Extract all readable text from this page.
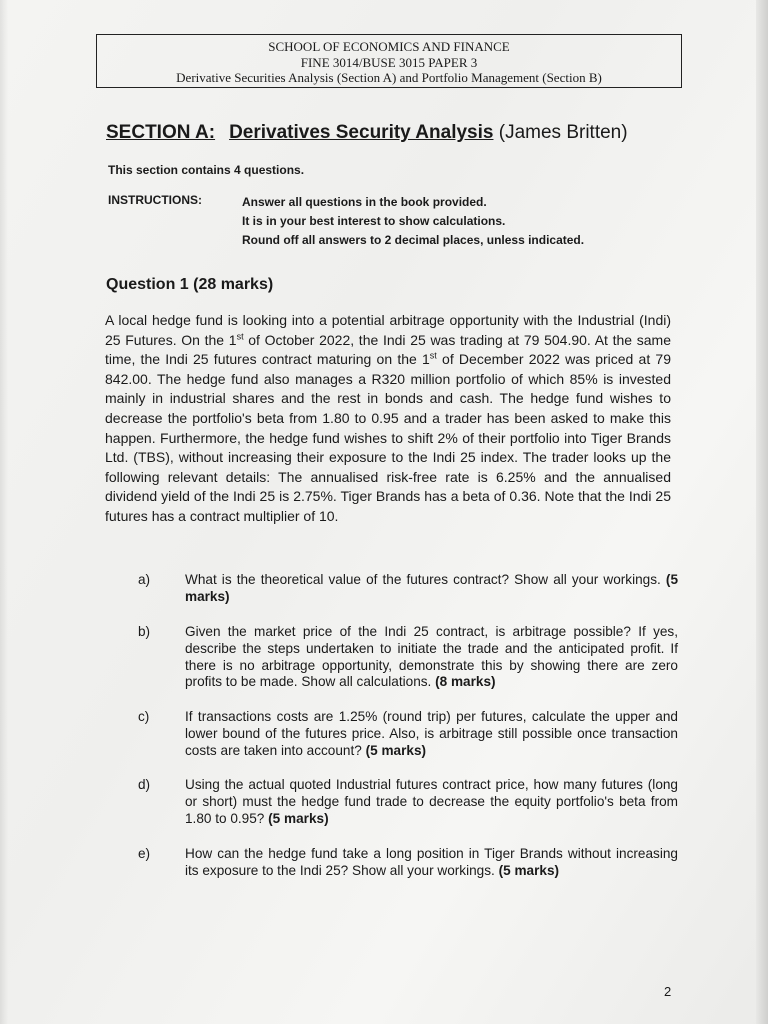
SCHOOL OF ECONOMICS AND FINANCE
FINE 3014/BUSE 3015 PAPER 3
Derivative Securities Analysis (Section A) and Portfolio Management (Section B)
SECTION A: Derivatives Security Analysis (James Britten)
This section contains 4 questions.
INSTRUCTIONS:	Answer all questions in the book provided.
It is in your best interest to show calculations.
Round off all answers to 2 decimal places, unless indicated.
Question 1 (28 marks)
A local hedge fund is looking into a potential arbitrage opportunity with the Industrial (Indi) 25 Futures. On the 1st of October 2022, the Indi 25 was trading at 79 504.90. At the same time, the Indi 25 futures contract maturing on the 1st of December 2022 was priced at 79 842.00. The hedge fund also manages a R320 million portfolio of which 85% is invested mainly in industrial shares and the rest in bonds and cash. The hedge fund wishes to decrease the portfolio's beta from 1.80 to 0.95 and a trader has been asked to make this happen. Furthermore, the hedge fund wishes to shift 2% of their portfolio into Tiger Brands Ltd. (TBS), without increasing their exposure to the Indi 25 index. The trader looks up the following relevant details: The annualised risk-free rate is 6.25% and the annualised dividend yield of the Indi 25 is 2.75%. Tiger Brands has a beta of 0.36. Note that the Indi 25 futures has a contract multiplier of 10.
a)	What is the theoretical value of the futures contract? Show all your workings. (5 marks)
b)	Given the market price of the Indi 25 contract, is arbitrage possible? If yes, describe the steps undertaken to initiate the trade and the anticipated profit. If there is no arbitrage opportunity, demonstrate this by showing there are zero profits to be made. Show all calculations. (8 marks)
c)	If transactions costs are 1.25% (round trip) per futures, calculate the upper and lower bound of the futures price. Also, is arbitrage still possible once transaction costs are taken into account? (5 marks)
d)	Using the actual quoted Industrial futures contract price, how many futures (long or short) must the hedge fund trade to decrease the equity portfolio's beta from 1.80 to 0.95? (5 marks)
e)	How can the hedge fund take a long position in Tiger Brands without increasing its exposure to the Indi 25? Show all your workings. (5 marks)
2
